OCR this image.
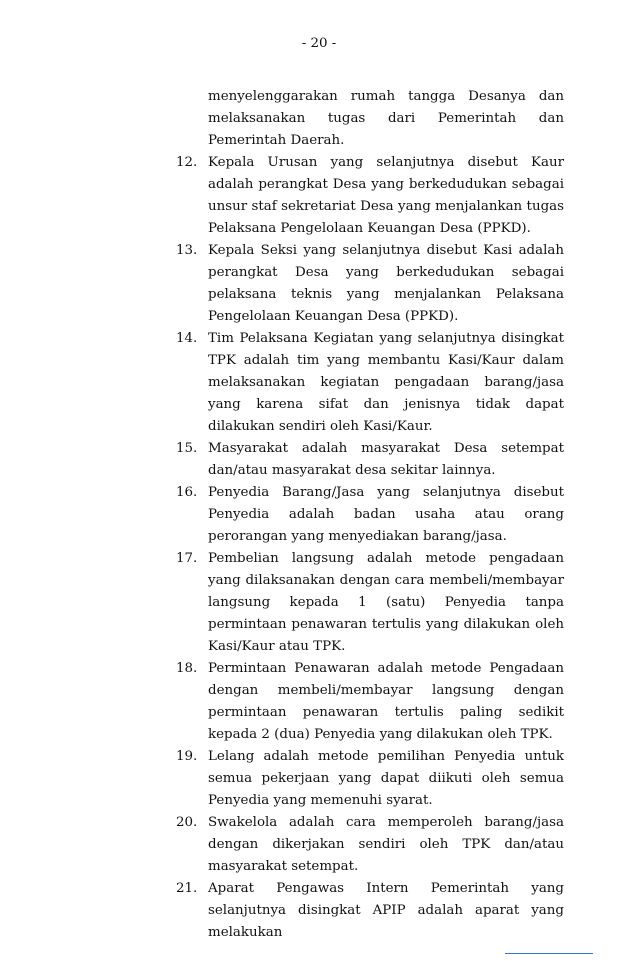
- 20 -
menyelenggarakan rumah tangga Desanya dan melaksanakan tugas dari Pemerintah dan Pemerintah Daerah.
12. Kepala Urusan yang selanjutnya disebut Kaur adalah perangkat Desa yang berkedudukan sebagai unsur staf sekretariat Desa yang menjalankan tugas Pelaksana Pengelolaan Keuangan Desa (PPKD).
13. Kepala Seksi yang selanjutnya disebut Kasi adalah perangkat Desa yang berkedudukan sebagai pelaksana teknis yang menjalankan Pelaksana Pengelolaan Keuangan Desa (PPKD).
14. Tim Pelaksana Kegiatan yang selanjutnya disingkat TPK adalah tim yang membantu Kasi/Kaur dalam melaksanakan kegiatan pengadaan barang/jasa yang karena sifat dan jenisnya tidak dapat dilakukan sendiri oleh Kasi/Kaur.
15. Masyarakat adalah masyarakat Desa setempat dan/atau masyarakat desa sekitar lainnya.
16. Penyedia Barang/Jasa yang selanjutnya disebut Penyedia adalah badan usaha atau orang perorangan yang menyediakan barang/jasa.
17. Pembelian langsung adalah metode pengadaan yang dilaksanakan dengan cara membeli/membayar langsung kepada 1 (satu) Penyedia tanpa permintaan penawaran tertulis yang dilakukan oleh Kasi/Kaur atau TPK.
18. Permintaan Penawaran adalah metode Pengadaan dengan membeli/membayar langsung dengan permintaan penawaran tertulis paling sedikit kepada 2 (dua) Penyedia yang dilakukan oleh TPK.
19. Lelang adalah metode pemilihan Penyedia untuk semua pekerjaan yang dapat diikuti oleh semua Penyedia yang memenuhi syarat.
20. Swakelola adalah cara memperoleh barang/jasa dengan dikerjakan sendiri oleh TPK dan/atau masyarakat setempat.
21. Aparat Pengawas Intern Pemerintah yang selanjutnya disingkat APIP adalah aparat yang melakukan
